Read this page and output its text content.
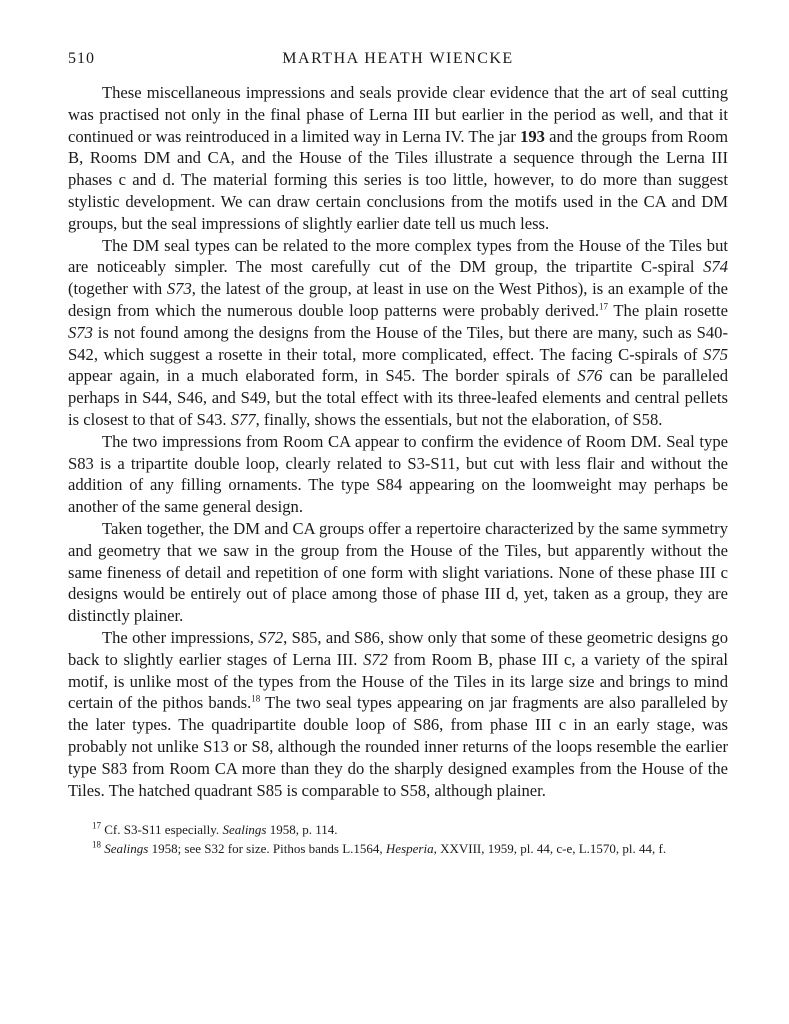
510	MARTHA HEATH WIENCKE

These miscellaneous impressions and seals provide clear evidence that the art of seal cutting was practised not only in the final phase of Lerna III but earlier in the period as well, and that it continued or was reintroduced in a limited way in Lerna IV. The jar 193 and the groups from Room B, Rooms DM and CA, and the House of the Tiles illustrate a sequence through the Lerna III phases c and d. The material forming this series is too little, however, to do more than suggest stylistic development. We can draw certain conclusions from the motifs used in the CA and DM groups, but the seal impressions of slightly earlier date tell us much less.

The DM seal types can be related to the more complex types from the House of the Tiles but are noticeably simpler. The most carefully cut of the DM group, the tripartite C-spiral S74 (together with S73, the latest of the group, at least in use on the West Pithos), is an example of the design from which the numerous double loop patterns were probably derived.$^{17}$ The plain rosette S73 is not found among the designs from the House of the Tiles, but there are many, such as S40-S42, which suggest a rosette in their total, more complicated, effect. The facing C-spirals of S75 appear again, in a much elaborated form, in S45. The border spirals of S76 can be paralleled perhaps in S44, S46, and S49, but the total effect with its three-leafed elements and central pellets is closest to that of S43. S77, finally, shows the essentials, but not the elaboration, of S58.

The two impressions from Room CA appear to confirm the evidence of Room DM. Seal type S83 is a tripartite double loop, clearly related to S3-S11, but cut with less flair and without the addition of any filling ornaments. The type S84 appearing on the loomweight may perhaps be another of the same general design.

Taken together, the DM and CA groups offer a repertoire characterized by the same symmetry and geometry that we saw in the group from the House of the Tiles, but apparently without the same fineness of detail and repetition of one form with slight variations. None of these phase III c designs would be entirely out of place among those of phase III d, yet, taken as a group, they are distinctly plainer.

The other impressions, S72, S85, and S86, show only that some of these geometric designs go back to slightly earlier stages of Lerna III. S72 from Room B, phase III c, a variety of the spiral motif, is unlike most of the types from the House of the Tiles in its large size and brings to mind certain of the pithos bands.$^{18}$ The two seal types appearing on jar fragments are also paralleled by the later types. The quadripartite double loop of S86, from phase III c in an early stage, was probably not unlike S13 or S8, although the rounded inner returns of the loops resemble the earlier type S83 from Room CA more than they do the sharply designed examples from the House of the Tiles. The hatched quadrant S85 is comparable to S58, although plainer.

$^{17}$ Cf. S3-S11 especially. Sealings 1958, p. 114.

$^{18}$ Sealings 1958; see S32 for size. Pithos bands L.1564, Hesperia, XXVIII, 1959, pl. 44, c-e, L.1570, pl. 44, f.
